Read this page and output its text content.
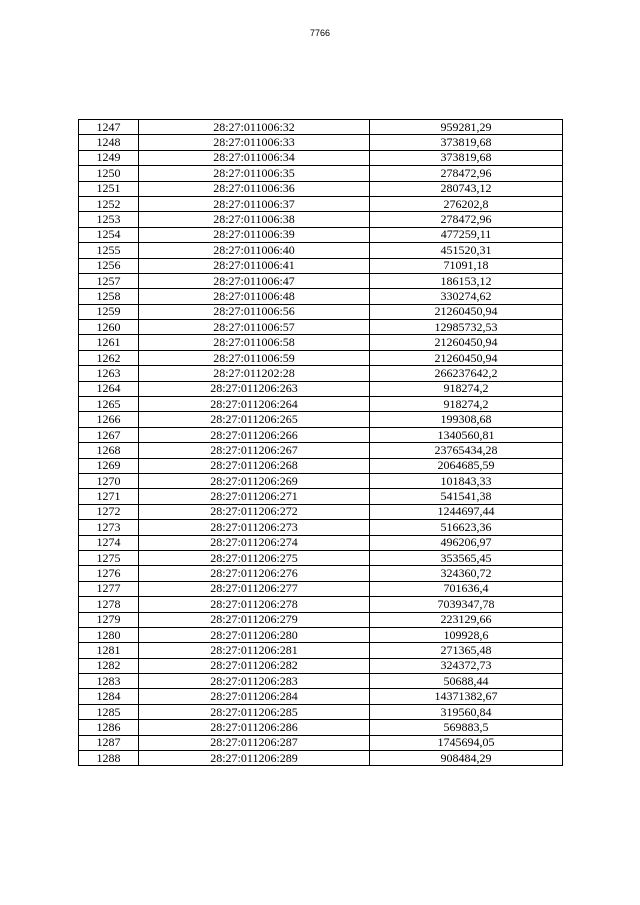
7766
1247	28:27:011006:32	959281,29
1248	28:27:011006:33	373819,68
1249	28:27:011006:34	373819,68
1250	28:27:011006:35	278472,96
1251	28:27:011006:36	280743,12
1252	28:27:011006:37	276202,8
1253	28:27:011006:38	278472,96
1254	28:27:011006:39	477259,11
1255	28:27:011006:40	451520,31
1256	28:27:011006:41	71091,18
1257	28:27:011006:47	186153,12
1258	28:27:011006:48	330274,62
1259	28:27:011006:56	21260450,94
1260	28:27:011006:57	12985732,53
1261	28:27:011006:58	21260450,94
1262	28:27:011006:59	21260450,94
1263	28:27:011202:28	266237642,2
1264	28:27:011206:263	918274,2
1265	28:27:011206:264	918274,2
1266	28:27:011206:265	199308,68
1267	28:27:011206:266	1340560,81
1268	28:27:011206:267	23765434,28
1269	28:27:011206:268	2064685,59
1270	28:27:011206:269	101843,33
1271	28:27:011206:271	541541,38
1272	28:27:011206:272	1244697,44
1273	28:27:011206:273	516623,36
1274	28:27:011206:274	496206,97
1275	28:27:011206:275	353565,45
1276	28:27:011206:276	324360,72
1277	28:27:011206:277	701636,4
1278	28:27:011206:278	7039347,78
1279	28:27:011206:279	223129,66
1280	28:27:011206:280	109928,6
1281	28:27:011206:281	271365,48
1282	28:27:011206:282	324372,73
1283	28:27:011206:283	50688,44
1284	28:27:011206:284	14371382,67
1285	28:27:011206:285	319560,84
1286	28:27:011206:286	569883,5
1287	28:27:011206:287	1745694,05
1288	28:27:011206:289	908484,29
